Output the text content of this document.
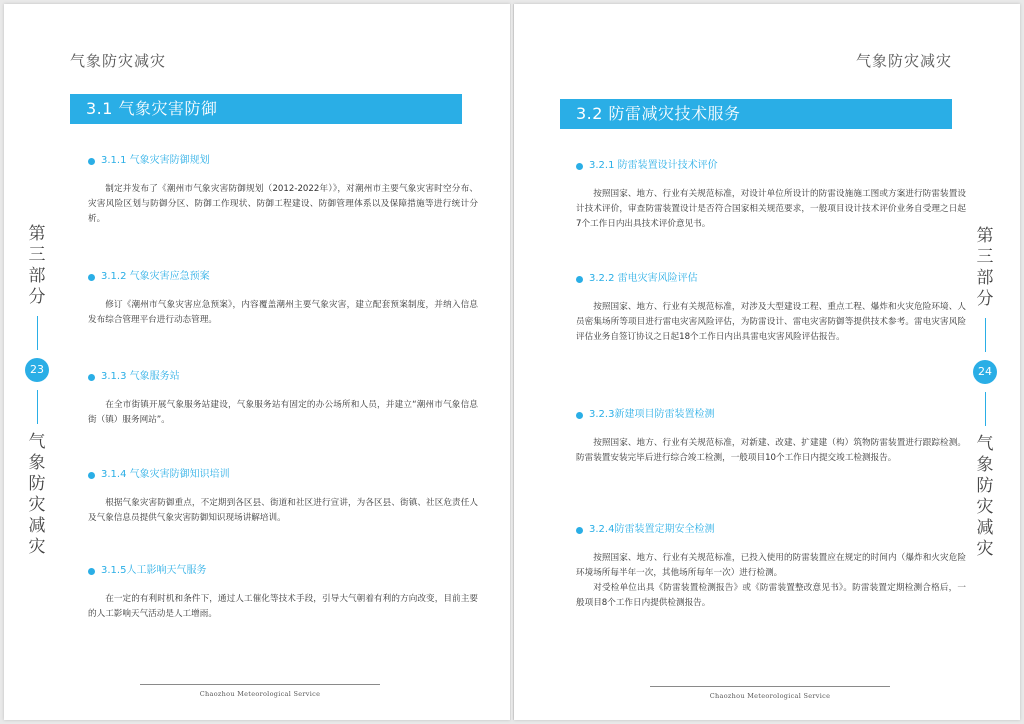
气象防灾减灾
3.1 气象灾害防御
3.1.1 气象灾害防御规划

制定并发布了《潮州市气象灾害防御规划（2012-2022年）》，对潮州市主要气象灾害时空分布、灾害风险区划与防御分区、防御工作现状、防御工程建设、防御管理体系以及保障措施等进行统计分析。

3.1.2 气象灾害应急预案

修订《潮州市气象灾害应急预案》，内容覆盖潮州主要气象灾害，建立配套预案制度，并纳入信息发布综合管理平台进行动态管理。

3.1.3 气象服务站

在全市街镇开展气象服务站建设，气象服务站有固定的办公场所和人员，并建立“潮州市气象信息街（镇）服务网站”。

3.1.4 气象灾害防御知识培训

根据气象灾害防御重点，不定期到各区县、街道和社区进行宣讲，为各区县、街镇、社区危责任人及气象信息员提供气象灾害防御知识现场讲解培训。

3.1.5人工影响天气服务

在一定的有利时机和条件下，通过人工催化等技术手段，引导大气朝着有利的方向改变，目前主要的人工影响天气活动是人工增雨。

第
三
部
分
23
气
象
防
灾
减
灾
Chaozhou Meteorological Service
气象防灾减灾
3.2 防雷减灾技术服务
3.2.1 防雷装置设计技术评价

按照国家、地方、行业有关规范标准，对设计单位所设计的防雷设施施工图或方案进行防雷装置设计技术评价，审查防雷装置设计是否符合国家相关规范要求，一般项目设计技术评价业务自受理之日起7个工作日内出具技术评价意见书。

3.2.2 雷电灾害风险评估

按照国家、地方、行业有关规范标准，对涉及大型建设工程、重点工程、爆炸和火灾危险环境、人员密集场所等项目进行雷电灾害风险评估，为防雷设计、雷电灾害防御等提供技术参考。雷电灾害风险评估业务自签订协议之日起18个工作日内出具雷电灾害风险评估报告。

3.2.3新建项目防雷装置检测

按照国家、地方、行业有关规范标准，对新建、改建、扩建建（构）筑物防雷装置进行跟踪检测。防雷装置安装完毕后进行综合竣工检测，一般项目10个工作日内提交竣工检测报告。

3.2.4防雷装置定期安全检测

按照国家、地方、行业有关规范标准，已投入使用的防雷装置应在规定的时间内（爆炸和火灾危险环境场所每半年一次，其他场所每年一次）进行检测。

对受检单位出具《防雷装置检测报告》或《防雷装置整改意见书》。防雷装置定期检测合格后，一般项目8个工作日内提供检测报告。

第
三
部
分
24
气
象
防
灾
减
灾
Chaozhou Meteorological Service
